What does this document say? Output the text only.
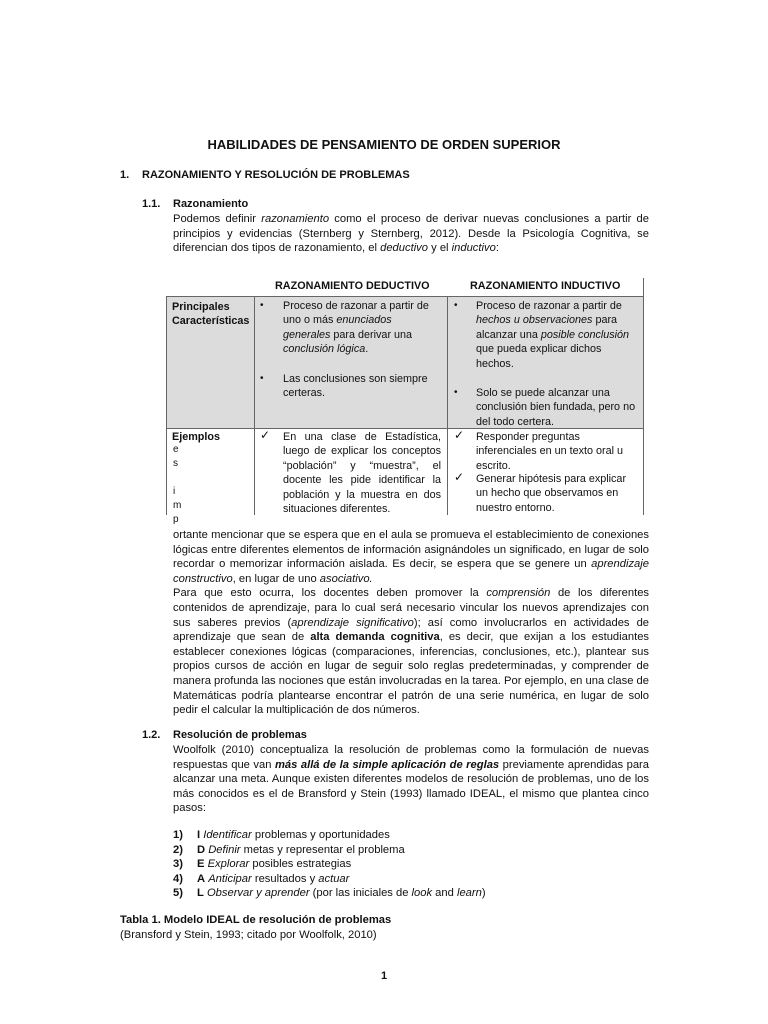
HABILIDADES DE PENSAMIENTO DE ORDEN SUPERIOR
1. RAZONAMIENTO Y RESOLUCIÓN DE PROBLEMAS
1.1. Razonamiento

Podemos definir razonamiento como el proceso de derivar nuevas conclusiones a partir de principios y evidencias (Sternberg y Sternberg, 2012). Desde la Psicología Cognitiva, se diferencian dos tipos de razonamiento, el deductivo y el inductivo:

RAZONAMIENTO DEDUCTIVO	RAZONAMIENTO INDUCTIVO
Principales
Características
• Proceso de razonar a partir de uno o más enunciados generales para derivar una conclusión lógica.
• Las conclusiones son siempre certeras.
• Proceso de razonar a partir de hechos u observaciones para alcanzar una posible conclusión que pueda explicar dichos hechos.
• Solo se puede alcanzar una conclusión bien fundada, pero no del todo certera.
Ejemplos	✓ En una clase de Estadística, luego de explicar los conceptos “población” y “muestra”, el docente les pide identificar la población y la muestra en dos situaciones diferentes.
✓ Responder preguntas inferenciales en un texto oral u escrito.
✓ Generar hipótesis para explicar un hecho que observamos en nuestro entorno.
e
s
i
m
p

ortante mencionar que se espera que en el aula se promueva el establecimiento de conexiones lógicas entre diferentes elementos de información asignándoles un significado, en lugar de solo recordar o memorizar información aislada. Es decir, se espera que se genere un aprendizaje constructivo, en lugar de uno asociativo.

Para que esto ocurra, los docentes deben promover la comprensión de los diferentes contenidos de aprendizaje, para lo cual será necesario vincular los nuevos aprendizajes con sus saberes previos (aprendizaje significativo); así como involucrarlos en actividades de aprendizaje que sean de alta demanda cognitiva, es decir, que exijan a los estudiantes establecer conexiones lógicas (comparaciones, inferencias, conclusiones, etc.), plantear sus propios cursos de acción en lugar de seguir solo reglas predeterminadas, y comprender de manera profunda las nociones que están involucradas en la tarea. Por ejemplo, en una clase de Matemáticas podría plantearse encontrar el patrón de una serie numérica, en lugar de solo pedir el calcular la multiplicación de dos números.

1.2. Resolución de problemas

Woolfolk (2010) conceptualiza la resolución de problemas como la formulación de nuevas respuestas que van más allá de la simple aplicación de reglas previamente aprendidas para alcanzar una meta. Aunque existen diferentes modelos de resolución de problemas, uno de los más conocidos es el de Bransford y Stein (1993) llamado IDEAL, el mismo que plantea cinco pasos:

1) I Identificar problemas y oportunidades
2) D Definir metas y representar el problema
3) E Explorar posibles estrategias
4) A Anticipar resultados y actuar
5) L Observar y aprender (por las iniciales de look and learn)
Tabla 1. Modelo IDEAL de resolución de problemas
(Bransford y Stein, 1993; citado por Woolfolk, 2010)
1
